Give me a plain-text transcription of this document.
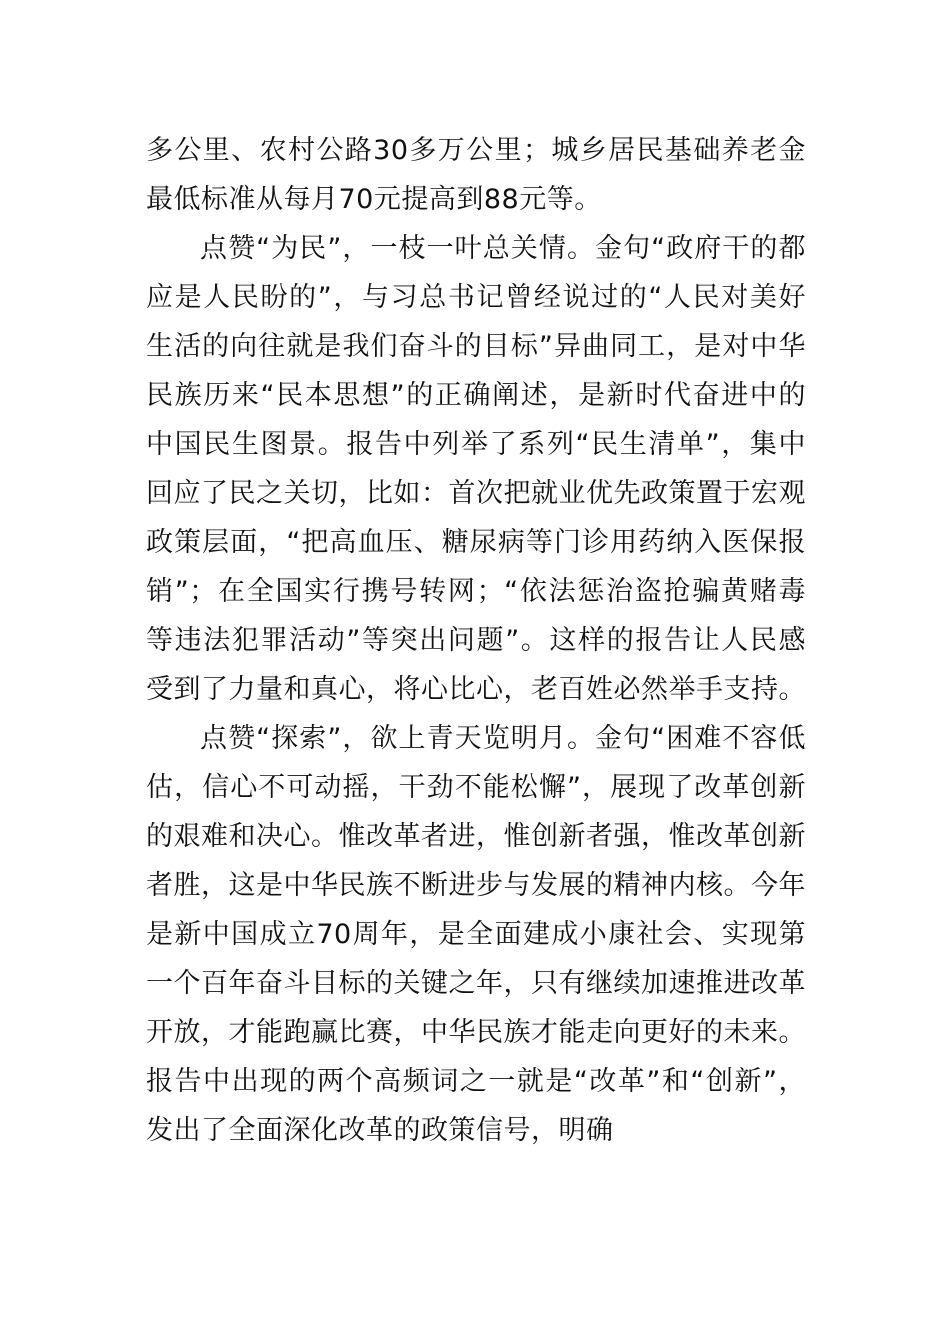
多公里、农村公路30多万公里；城乡居民基础养老金最低标准从每月70元提高到88元等。

点赞“为民”，一枝一叶总关情。金句“政府干的都应是人民盼的”，与习总书记曾经说过的“人民对美好生活的向往就是我们奋斗的目标”异曲同工，是对中华民族历来“民本思想”的正确阐述，是新时代奋进中的中国民生图景。报告中列举了系列“民生清单”，集中回应了民之关切，比如：首次把就业优先政策置于宏观政策层面，“把高血压、糖尿病等门诊用药纳入医保报销”；在全国实行携号转网；“依法惩治盗抢骗黄赌毒等违法犯罪活动”等突出问题”。这样的报告让人民感受到了力量和真心，将心比心，老百姓必然举手支持。

点赞“探索”，欲上青天览明月。金句“困难不容低估，信心不可动摇，干劲不能松懈”，展现了改革创新的艰难和决心。惟改革者进，惟创新者强，惟改革创新者胜，这是中华民族不断进步与发展的精神内核。今年是新中国成立70周年，是全面建成小康社会、实现第一个百年奋斗目标的关键之年，只有继续加速推进改革开放，才能跑赢比赛，中华民族才能走向更好的未来。报告中出现的两个高频词之一就是“改革”和“创新”，发出了全面深化改革的政策信号，明确
